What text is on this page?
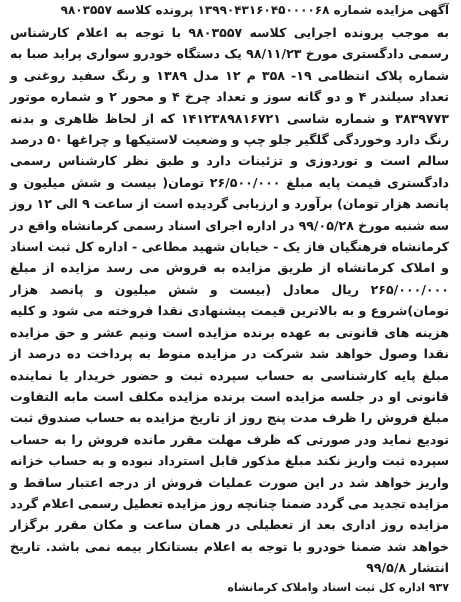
آگهی مزایده شماره ۱۳۹۹۰۴۳۱۶۰۴۵۰۰۰۰۶۸ پرونده کلاسه ۹۸۰۳۵۵۷
به موجب پرونده اجرایی کلاسه ۹۸۰۳۵۵۷ با توجه به اعلام کارشناس رسمی دادگستری مورخ ۹۸/۱۱/۲۳ یک دستگاه خودرو سواری پراید صبا به شماره پلاک انتظامی ۱۹- ۳۵۸ م ۱۲ مدل ۱۳۸۹ و رنگ سفید روغنی و تعداد سیلندر ۴ و دو گانه سوز و تعداد چرخ ۴ و محور ۲ و شماره موتور ۳۸۳۹۷۷۳ و شماره شاسی ۱۴۱۲۳۸۹۸۱۶۷۲۱ که از لحاظ ظاهری و بدنه رنگ دارد وخوردگی گلگیر جلو چپ و وضعیت لاستیکها و چراغها ۵۰ درصد سالم است و توردوزی و تزئینات دارد و طبق نظر کارشناس رسمی دادگستری قیمت پایه مبلغ ۲۶/۵۰۰/۰۰۰ تومان( بیست و شش میلیون و پانصد هزار تومان) برآورد و ارزیابی گردیده است از ساعت ۹ الی ۱۲ روز سه شنبه مورخ ۹۹/۰۵/۲۸ در اداره اجرای اسناد رسمی کرمانشاه واقع در کرمانشاه فرهنگیان فاز یک - خیابان شهید مطاعی - اداره کل ثبت اسناد و املاک کرمانشاه از طریق مزایده به فروش می رسد مزایده از مبلغ ۲۶۵/۰۰۰/۰۰۰ ریال معادل (بیست و شش میلیون و پانصد هزار تومان)شروع و به بالاترین قیمت پیشنهادی نقدا فروخته می شود و کلیه هزینه های قانونی به عهده برنده مزایده است ونیم عشر و حق مزایده نقدا وصول خواهد شد شرکت در مزایده منوط به پرداخت ده درصد از مبلغ پایه کارشناسی به حساب سپرده ثبت و حضور خریدار یا نماینده قانونی او در جلسه مزایده است برنده مزایده مکلف است مابه التفاوت مبلغ فروش را ظرف مدت پنج روز از تاریخ مزایده به حساب صندوق ثبت تودیع نماید ودر صورتی که ظرف مهلت مقرر مانده فروش را به حساب سپرده ثبت واریز نکند مبلغ مذکور قابل استرداد نبوده و به حساب خزانه واریز خواهد شد در این صورت عملیات فروش از درجه اعتبار ساقط و مزایده تجدید می گردد ضمنا چنانچه روز مزایده تعطیل رسمی اعلام گردد مزایده روز اداری بعد از تعطیلی در همان ساعت و مکان مقرر برگزار خواهد شد ضمنا خودرو با توجه به اعلام بستانکار بیمه نمی باشد. تاریخ انتشار ۹۹/۵/۸
۹۳۷ اداره کل ثبت اسناد واملاک کرمانشاه
